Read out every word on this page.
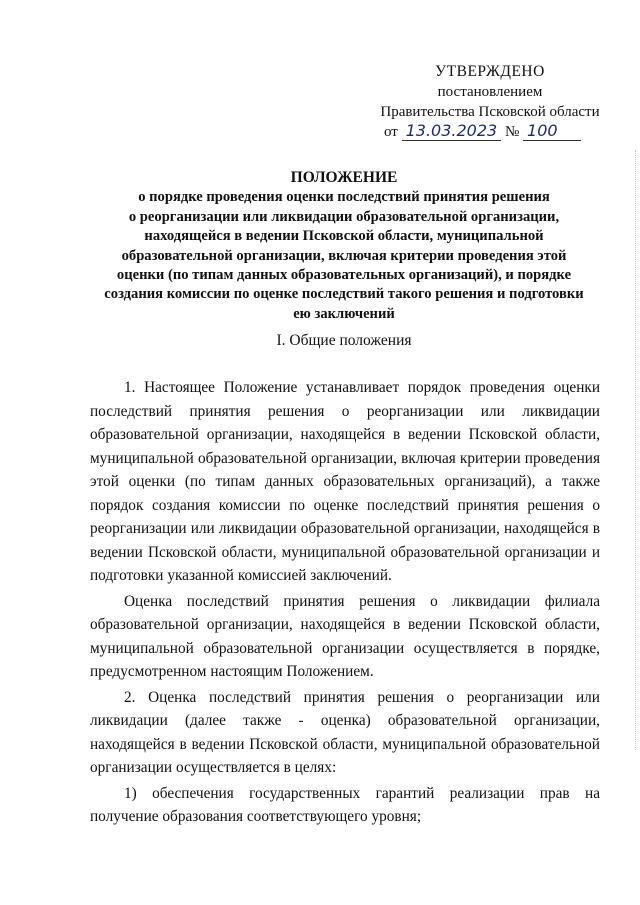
УТВЕРЖДЕНО
постановлением
Правительства Псковской области
от 13.03.2023 № 100
ПОЛОЖЕНИЕ
о порядке проведения оценки последствий принятия решения
о реорганизации или ликвидации образовательной организации,
находящейся в ведении Псковской области, муниципальной
образовательной организации, включая критерии проведения этой
оценки (по типам данных образовательных организаций), и порядке
создания комиссии по оценке последствий такого решения и подготовки
ею заключений
I. Общие положения

1. Настоящее Положение устанавливает порядок проведения оценки последствий принятия решения о реорганизации или ликвидации образовательной организации, находящейся в ведении Псковской области, муниципальной образовательной организации, включая критерии проведения этой оценки (по типам данных образовательных организаций), а также порядок создания комиссии по оценке последствий принятия решения о реорганизации или ликвидации образовательной организации, находящейся в ведении Псковской области, муниципальной образовательной организации и подготовки указанной комиссией заключений.

Оценка последствий принятия решения о ликвидации филиала образовательной организации, находящейся в ведении Псковской области, муниципальной образовательной организации осуществляется в порядке, предусмотренном настоящим Положением.

2. Оценка последствий принятия решения о реорганизации или ликвидации (далее также - оценка) образовательной организации, находящейся в ведении Псковской области, муниципальной образовательной организации осуществляется в целях:

1) обеспечения государственных гарантий реализации прав на получение образования соответствующего уровня;
